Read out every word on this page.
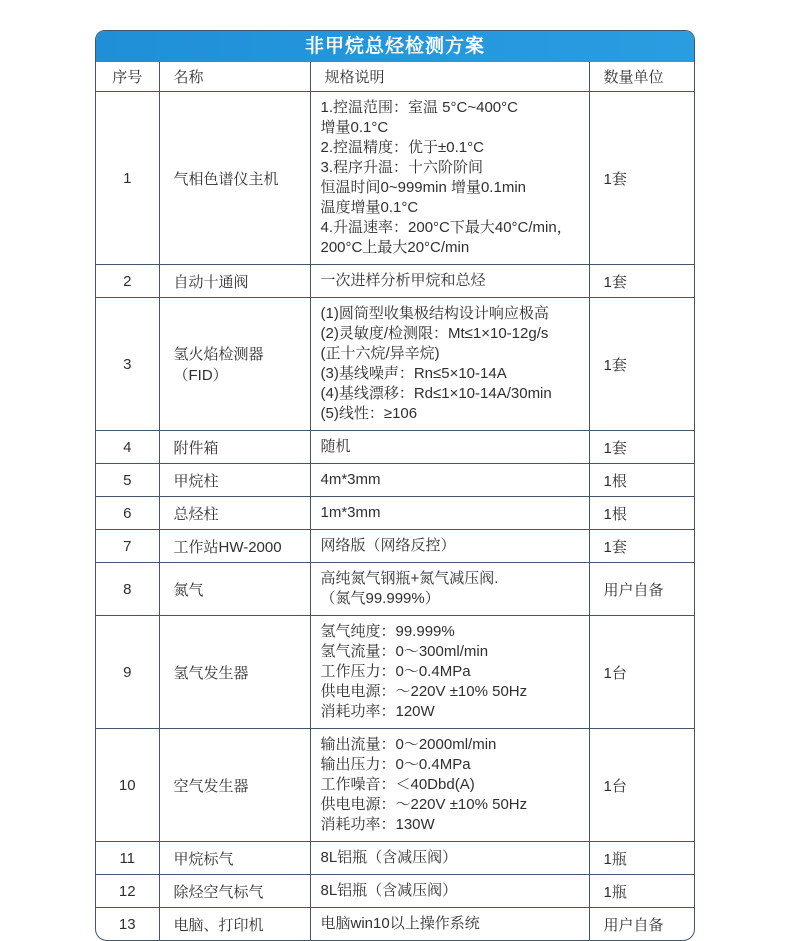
非甲烷总烃检测方案
序号	名称	规格说明	数量单位
1	气相色谱仪主机	
1.控温范围：室温 5°C~400°C
增量0.1°C
2.控温精度：优于±0.1°C
3.程序升温：十六阶阶间
恒温时间0~999min 增量0.1min
温度增量0.1°C
4.升温速率：200°C下最大40°C/min，
200°C上最大20°C/min
	1套
2	自动十通阀	一次进样分析甲烷和总烃	1套
3	氢火焰检测器（FID）	
(1)圆筒型收集极结构设计响应极高
(2)灵敏度/检测限：Mt≤1×10-12g/s
(正十六烷/异辛烷)
(3)基线噪声：Rn≤5×10-14A
(4)基线漂移：Rd≤1×10-14A/30min
(5)线性：≥106
	1套
4	附件箱	随机	1套
5	甲烷柱	4m*3mm	1根
6	总烃柱	1m*3mm	1根
7	工作站HW-2000	网络版（网络反控）	1套
8	氮气	高纯氮气钢瓶+氮气减压阀.
（氮气99.999%）	用户自备
9	氢气发生器	氢气纯度：99.999%
氢气流量：0～300ml/min
工作压力：0～0.4MPa
供电电源：～220V ±10% 50Hz
消耗功率：120W	1台
10	空气发生器	输出流量：0～2000ml/min
输出压力：0～0.4MPa
工作噪音：＜40Dbd(A)
供电电源：～220V ±10% 50Hz
消耗功率：130W	1台
11	甲烷标气	8L铝瓶（含减压阀）	1瓶
12	除烃空气标气	8L铝瓶（含减压阀）	1瓶
13	电脑、打印机	电脑win10以上操作系统	用户自备
